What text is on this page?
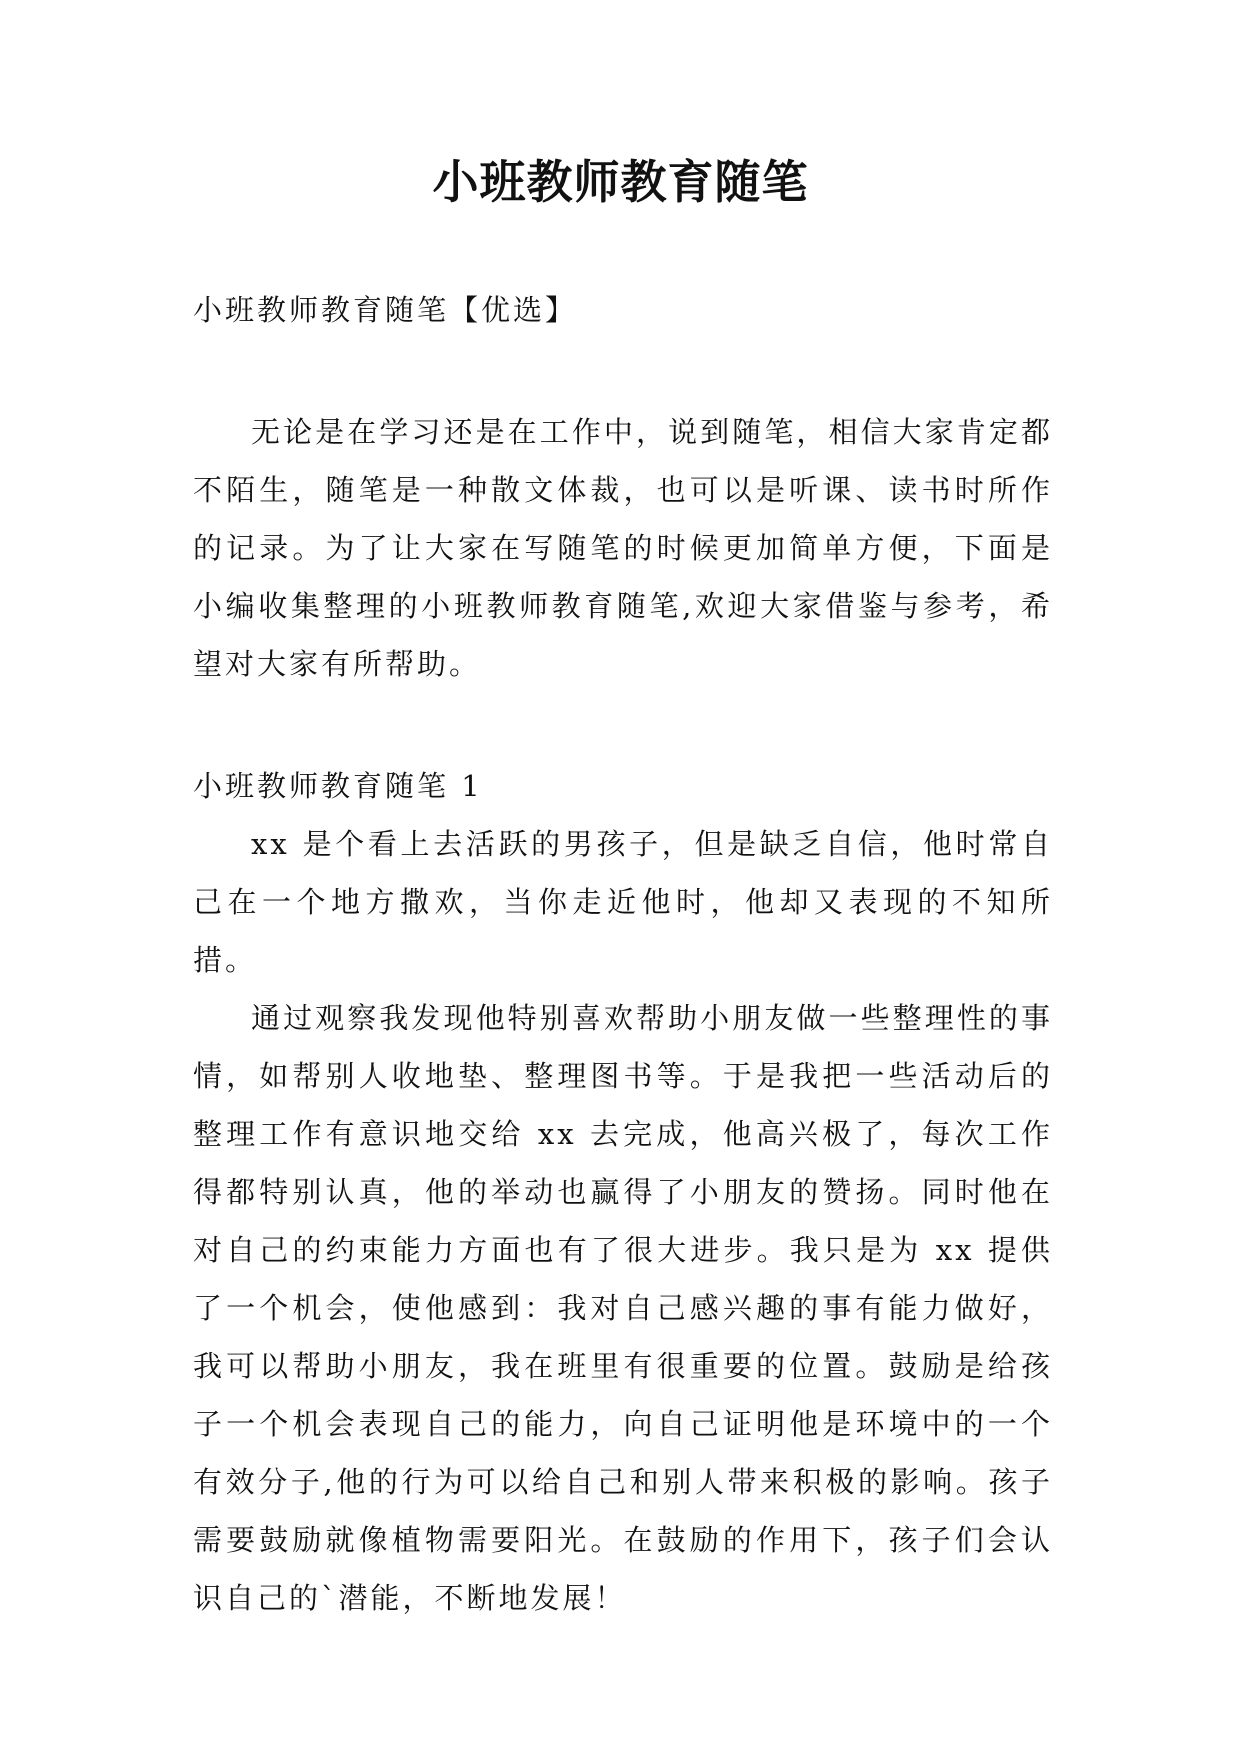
小班教师教育随笔

小班教师教育随笔【优选】

无论是在学习还是在工作中，说到随笔，相信大家肯定都不陌生，随笔是一种散文体裁，也可以是听课、读书时所作的记录。为了让大家在写随笔的时候更加简单方便，下面是小编收集整理的小班教师教育随笔,欢迎大家借鉴与参考，希望对大家有所帮助。

小班教师教育随笔 1

xx 是个看上去活跃的男孩子，但是缺乏自信，他时常自己在一个地方撒欢，当你走近他时，他却又表现的不知所措。

通过观察我发现他特别喜欢帮助小朋友做一些整理性的事情，如帮别人收地垫、整理图书等。于是我把一些活动后的整理工作有意识地交给 xx 去完成，他高兴极了，每次工作得都特别认真，他的举动也赢得了小朋友的赞扬。同时他在对自己的约束能力方面也有了很大进步。我只是为 xx 提供了一个机会，使他感到：我对自己感兴趣的事有能力做好，我可以帮助小朋友，我在班里有很重要的位置。鼓励是给孩子一个机会表现自己的能力，向自己证明他是环境中的一个有效分子,他的行为可以给自己和别人带来积极的影响。孩子需要鼓励就像植物需要阳光。在鼓励的作用下，孩子们会认识自己的`潜能，不断地发展！
